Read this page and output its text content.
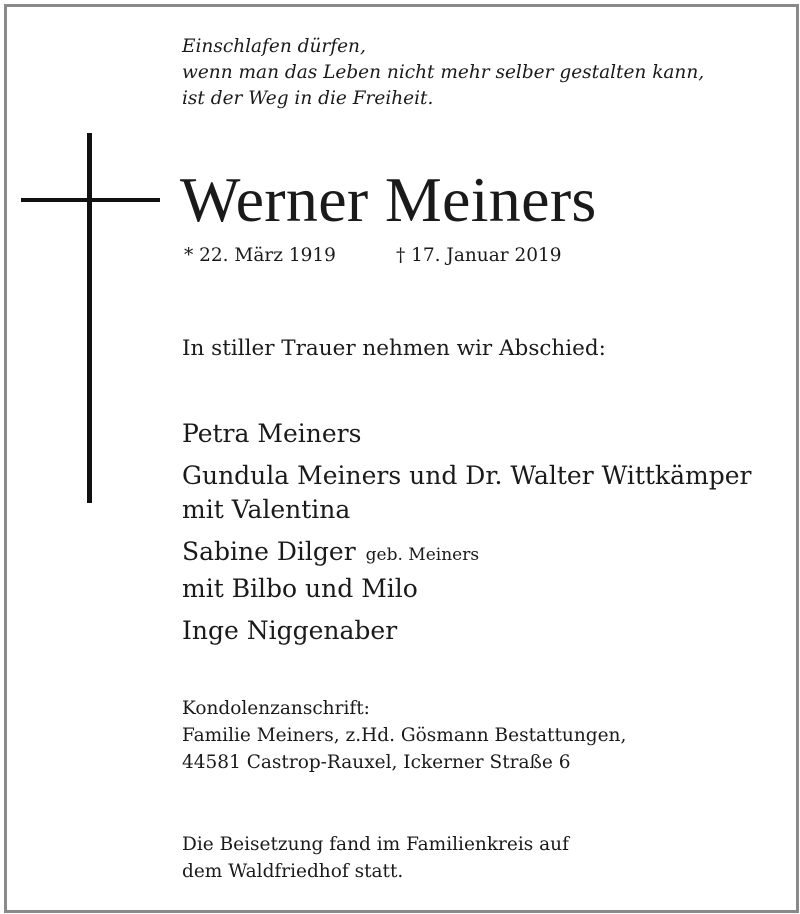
Einschlafen dürfen,
wenn man das Leben nicht mehr selber gestalten kann,
ist der Weg in die Freiheit.
Werner Meiners
* 22. März 1919	† 17. Januar 2019
In stiller Trauer nehmen wir Abschied:
Petra Meiners
Gundula Meiners und Dr. Walter Wittkämper
mit Valentina
Sabine Dilger geb. Meiners
mit Bilbo und Milo
Inge Niggenaber
Kondolenzanschrift:
Familie Meiners, z.Hd. Gösmann Bestattungen,
44581 Castrop-Rauxel, Ickerner Straße 6
Die Beisetzung fand im Familienkreis auf
dem Waldfriedhof statt.
